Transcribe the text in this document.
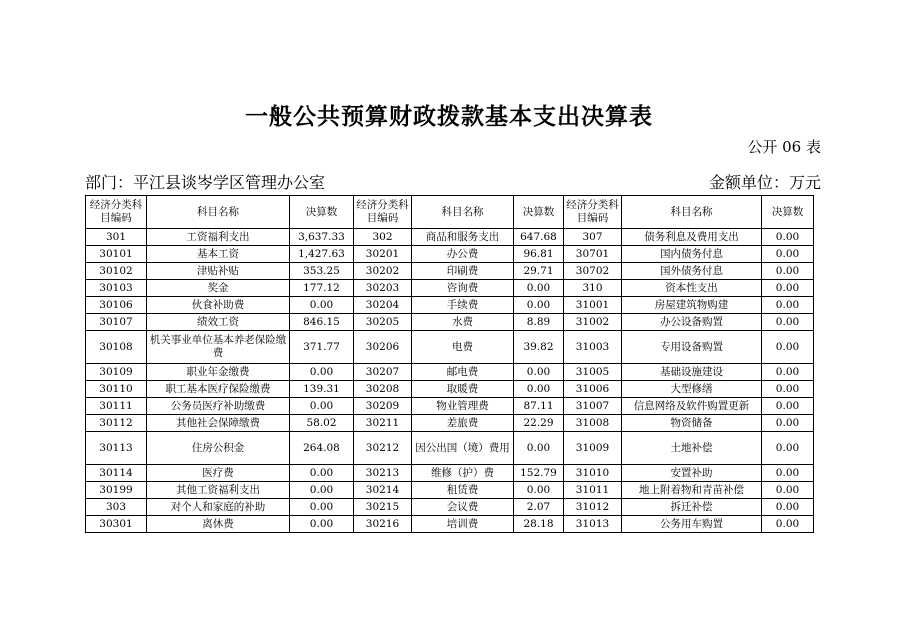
一般公共预算财政拨款基本支出决算表
公开 06 表
部门：平江县谈岑学区管理办公室	金额单位：万元
经济分类科目编码	科目名称	决算数	经济分类科目编码	科目名称	决算数	经济分类科目编码	科目名称	决算数
301	工资福利支出	3,637.33	302	商品和服务支出	647.68	307	债务利息及费用支出	0.00
30101	基本工资	1,427.63	30201	办公费	96.81	30701	国内债务付息	0.00
30102	津贴补贴	353.25	30202	印刷费	29.71	30702	国外债务付息	0.00
30103	奖金	177.12	30203	咨询费	0.00	310	资本性支出	0.00
30106	伙食补助费	0.00	30204	手续费	0.00	31001	房屋建筑物购建	0.00
30107	绩效工资	846.15	30205	水费	8.89	31002	办公设备购置	0.00
30108	机关事业单位基本养老保险缴费	371.77	30206	电费	39.82	31003	专用设备购置	0.00
30109	职业年金缴费	0.00	30207	邮电费	0.00	31005	基础设施建设	0.00
30110	职工基本医疗保险缴费	139.31	30208	取暖费	0.00	31006	大型修缮	0.00
30111	公务员医疗补助缴费	0.00	30209	物业管理费	87.11	31007	信息网络及软件购置更新	0.00
30112	其他社会保障缴费	58.02	30211	差旅费	22.29	31008	物资储备	0.00
30113	住房公积金	264.08	30212	因公出国（境）费用	0.00	31009	土地补偿	0.00
30114	医疗费	0.00	30213	维修（护）费	152.79	31010	安置补助	0.00
30199	其他工资福利支出	0.00	30214	租赁费	0.00	31011	地上附着物和青苗补偿	0.00
303	对个人和家庭的补助	0.00	30215	会议费	2.07	31012	拆迁补偿	0.00
30301	离休费	0.00	30216	培训费	28.18	31013	公务用车购置	0.00
